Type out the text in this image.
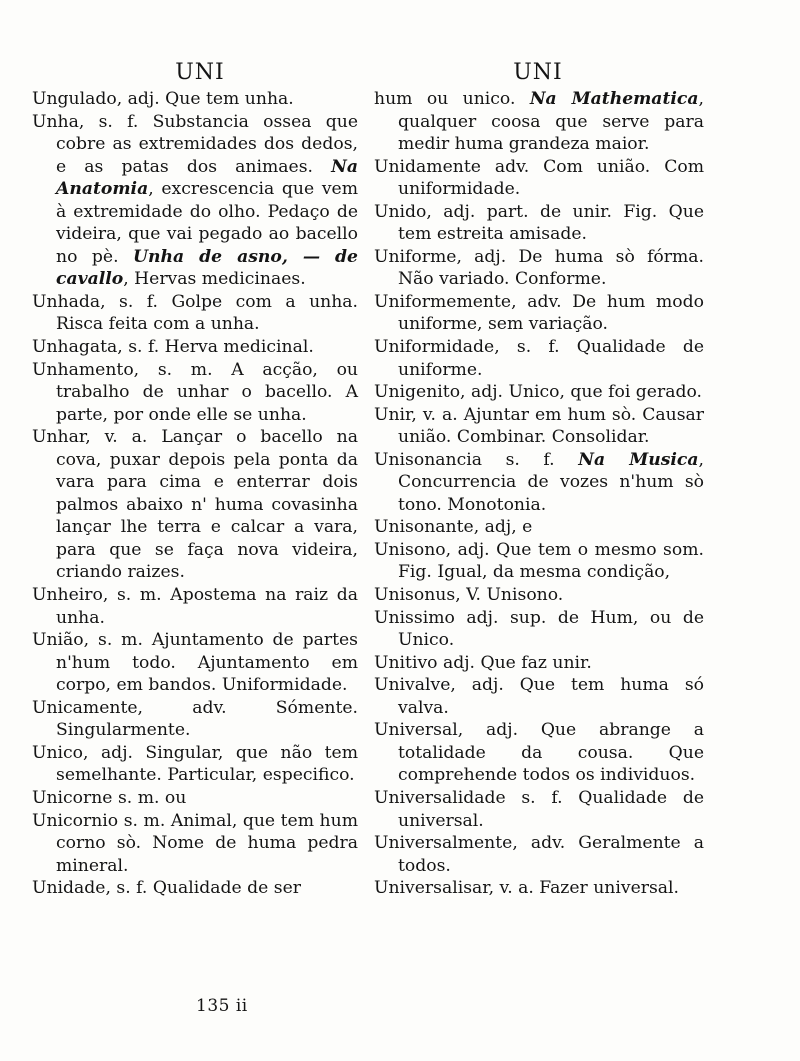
UNI	UNI
Ungulado, adj. Que tem unha.
Unha, s. f. Substancia ossea que cobre as extremidades dos dedos, e as patas dos animaes. Na Anatomia, excrescencia que vem à extremidade do olho. Pedaço de videira, que vai pegado ao bacello no pè. Unha de asno, — de cavallo, Hervas medicinaes.
Unhada, s. f. Golpe com a unha. Risca feita com a unha.
Unhagata, s. f. Herva medicinal.
Unhamento, s. m. A acção, ou trabalho de unhar o bacello. A parte, por onde elle se unha.
Unhar, v. a. Lançar o bacello na cova, puxar depois pela ponta da vara para cima e enterrar dois palmos abaixo n' huma covasinha lançar lhe terra e calcar a vara, para que se faça nova videira, criando raizes.
Unheiro, s. m. Apostema na raiz da unha.
União, s. m. Ajuntamento de partes n'hum todo. Ajuntamento em corpo, em bandos. Uniformidade.
Unicamente, adv. Sómente. Singularmente.
Unico, adj. Singular, que não tem semelhante. Particular, especifico.
Unicorne s. m. ou
Unicornio s. m. Animal, que tem hum corno sò. Nome de huma pedra mineral.
Unidade, s. f. Qualidade de ser
hum ou unico. Na Mathematica, qualquer coosa que serve para medir huma grandeza maior.
Unidamente adv. Com união. Com uniformidade.
Unido, adj. part. de unir. Fig. Que tem estreita amisade.
Uniforme, adj. De huma sò fórma. Não variado. Conforme.
Uniformemente, adv. De hum modo uniforme, sem variação.
Uniformidade, s. f. Qualidade de uniforme.
Unigenito, adj. Unico, que foi gerado.
Unir, v. a. Ajuntar em hum sò. Causar união. Combinar. Consolidar.
Unisonancia s. f. Na Musica, Concurrencia de vozes n'hum sò tono. Monotonia.
Unisonante, adj, e
Unisono, adj. Que tem o mesmo som. Fig. Igual, da mesma condição,
Unisonus, V. Unisono.
Unissimo adj. sup. de Hum, ou de Unico.
Unitivo adj. Que faz unir.
Univalve, adj. Que tem huma só valva.
Universal, adj. Que abrange a totalidade da cousa. Que comprehende todos os individuos.
Universalidade s. f. Qualidade de universal.
Universalmente, adv. Geralmente a todos.
Universalisar, v. a. Fazer universal.
135 ii
